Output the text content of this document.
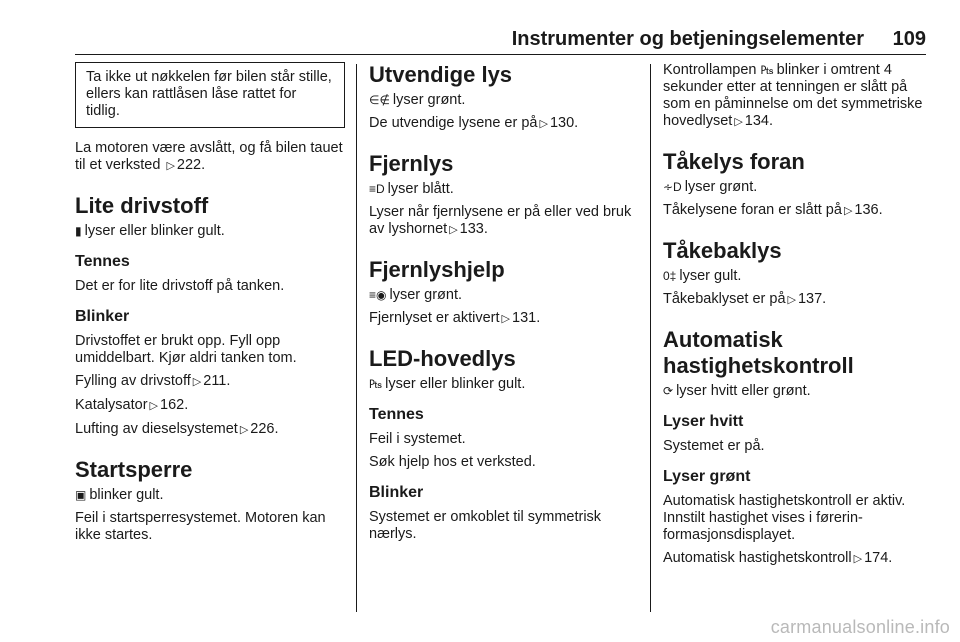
Instrumenter og betjeningselementer 109
Ta ikke ut nøkkelen før bilen står stille, ellers kan rattlåsen låse rattet for tidlig.

La motoren være avslått, og få bilen tauet til et verksted ▷ 222.

Lite drivstoff

▮ lyser eller blinker gult.

Tennes

Det er for lite drivstoff på tanken.

Blinker

Drivstoffet er brukt opp. Fyll opp umiddelbart. Kjør aldri tanken tom.

Fylling av drivstoff ▷ 211.

Katalysator ▷ 162.

Lufting av dieselsystemet ▷ 226.

Startsperre

▣ blinker gult.

Feil i startsperresystemet. Motoren kan ikke startes.

Utvendige lys

∈∉ lyser grønt.

De utvendige lysene er på ▷ 130.

Fjernlys

≡D lyser blått.

Lyser når fjernlysene er på eller ved bruk av lyshornet ▷ 133.

Fjernlyshjelp

≡◉ lyser grønt.

Fjernlyset er aktivert ▷ 131.

LED-hovedlys

₧ lyser eller blinker gult.

Tennes

Feil i systemet.

Søk hjelp hos et verksted.

Blinker

Systemet er omkoblet til symmetrisk nærlys.

Kontrollampen ₧ blinker i omtrent 4 sekunder etter at tenningen er slått på som en påminnelse om det symmetriske hovedlyset ▷ 134.

Tåkelys foran

∻D lyser grønt.

Tåkelysene foran er slått på ▷ 136.

Tåkebaklys

0‡ lyser gult.

Tåkebaklyset er på ▷ 137.

Automatisk hastighetskontroll

⟳ lyser hvitt eller grønt.

Lyser hvitt

Systemet er på.

Lyser grønt

Automatisk hastighetskontroll er aktiv. Innstilt hastighet vises i førerin- formasjonsdisplayet.

Automatisk hastighetskontroll ▷ 174.

carmanualsonline.info
